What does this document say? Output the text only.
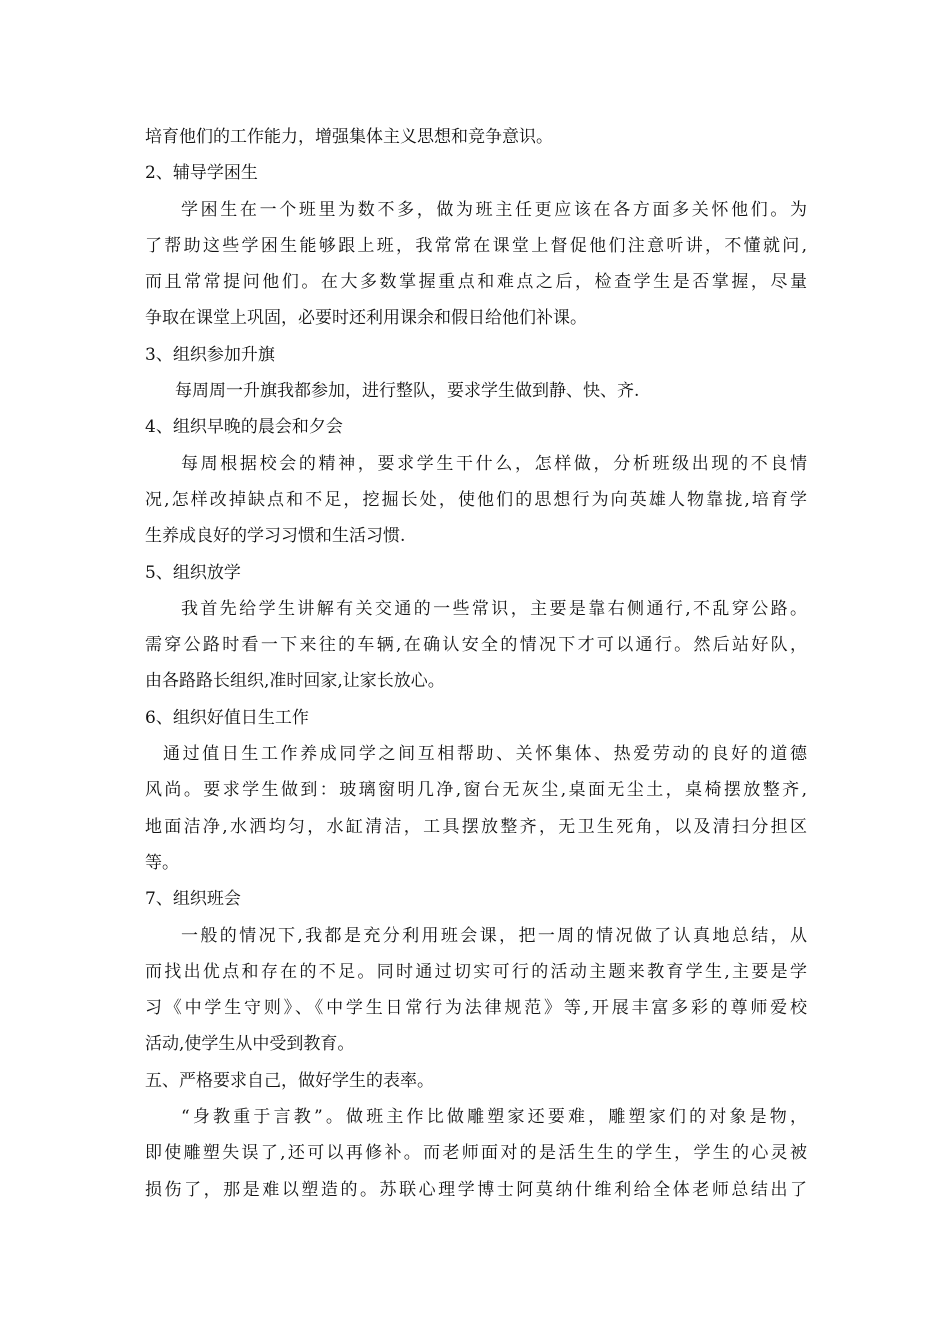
培育他们的工作能力，增强集体主义思想和竞争意识。
2、辅导学困生
学困生在一个班里为数不多，做为班主任更应该在各方面多关怀他们。为
了帮助这些学困生能够跟上班，我常常在课堂上督促他们注意听讲，不懂就问,
而且常常提问他们。在大多数掌握重点和难点之后，检查学生是否掌握，尽量
争取在课堂上巩固，必要时还利用课余和假日给他们补课。
3、组织参加升旗
每周周一升旗我都参加，进行整队，要求学生做到静、快、齐.
4、组织早晚的晨会和夕会
每周根据校会的精神，要求学生干什么，怎样做，分析班级出现的不良情
况,怎样改掉缺点和不足，挖掘长处，使他们的思想行为向英雄人物靠拢,培育学
生养成良好的学习习惯和生活习惯.
5、组织放学
我首先给学生讲解有关交通的一些常识，主要是靠右侧通行,不乱穿公路。
需穿公路时看一下来往的车辆,在确认安全的情况下才可以通行。然后站好队，
由各路路长组织,准时回家,让家长放心。
6、组织好值日生工作
通过值日生工作养成同学之间互相帮助、关怀集体、热爱劳动的良好的道德
风尚。要求学生做到：玻璃窗明几净,窗台无灰尘,桌面无尘土，桌椅摆放整齐,
地面洁净,水洒均匀，水缸清洁，工具摆放整齐，无卫生死角，以及清扫分担区
等。
7、组织班会
一般的情况下,我都是充分利用班会课，把一周的情况做了认真地总结，从
而找出优点和存在的不足。同时通过切实可行的活动主题来教育学生,主要是学
习《中学生守则》、《中学生日常行为法律规范》等,开展丰富多彩的尊师爱校
活动,使学生从中受到教育。
五、严格要求自己，做好学生的表率。
“身教重于言教”。做班主作比做雕塑家还要难，雕塑家们的对象是物，
即使雕塑失误了,还可以再修补。而老师面对的是活生生的学生，学生的心灵被
损伤了，那是难以塑造的。苏联心理学博士阿莫纳什维利给全体老师总结出了
